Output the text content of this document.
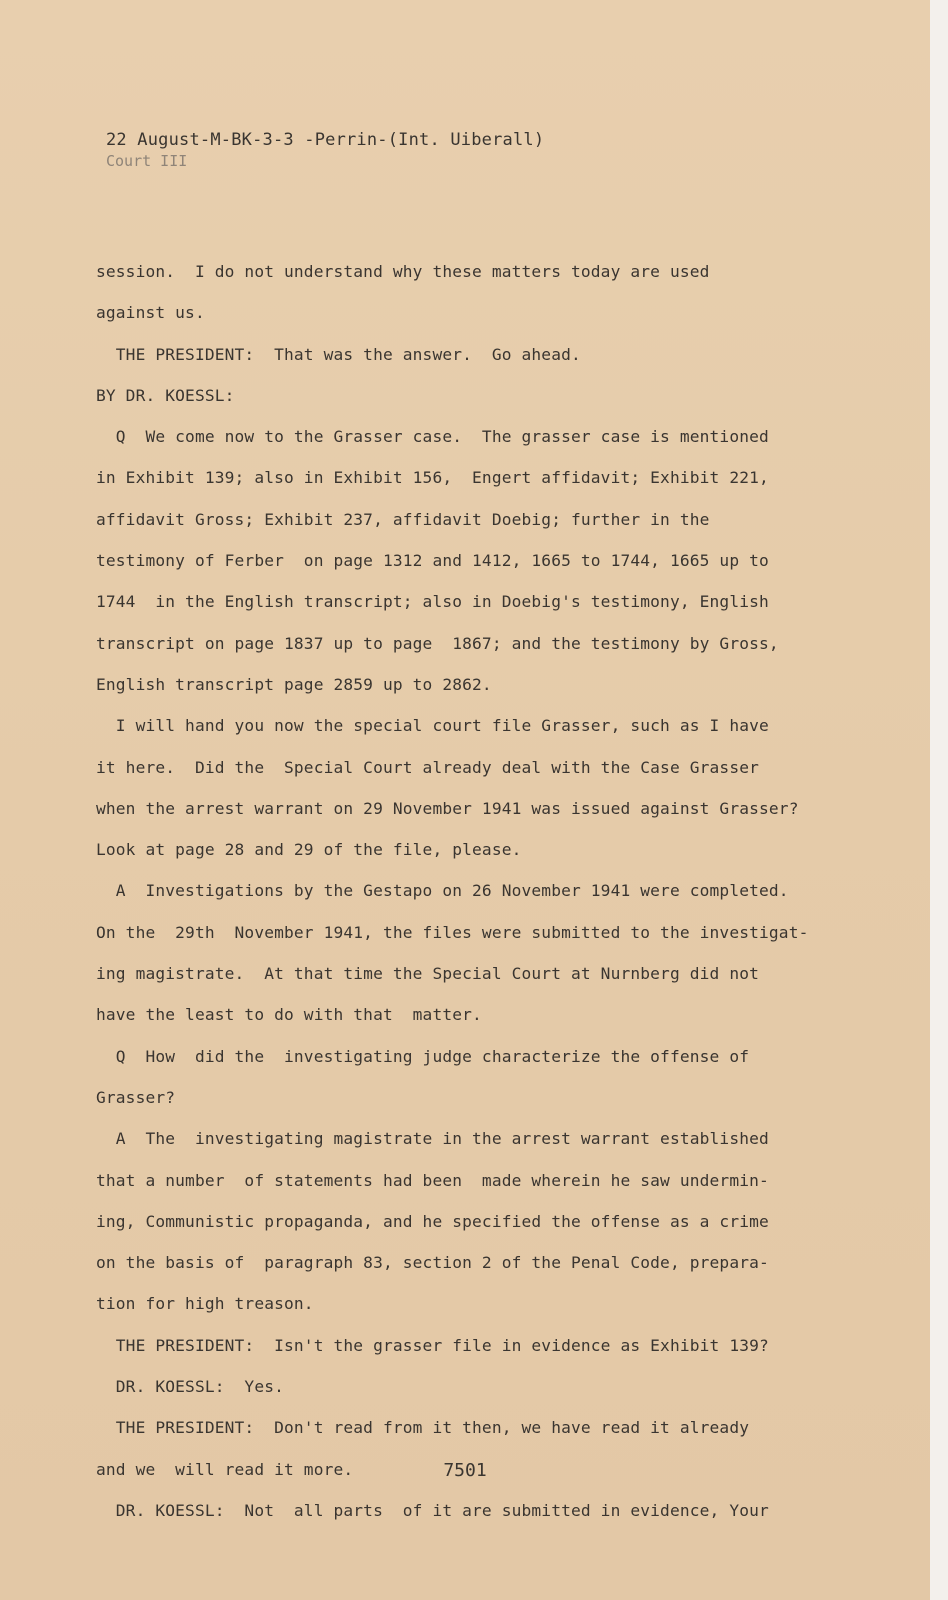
22 August-M-BK-3-3 -Perrin-(Int. Uiberall)
Court III
session.  I do not understand why these matters today are used
against us.
THE PRESIDENT:  That was the answer.  Go ahead.
BY DR. KOESSL:
Q  We come now to the Grasser case.  The grasser case is mentioned
in Exhibit 139; also in Exhibit 156,  Engert affidavit; Exhibit 221,
affidavit Gross; Exhibit 237, affidavit Doebig; further in the
testimony of Ferber  on page 1312 and 1412, 1665 to 1744, 1665 up to
1744  in the English transcript; also in Doebig's testimony, English
transcript on page 1837 up to page  1867; and the testimony by Gross,
English transcript page 2859 up to 2862.
I will hand you now the special court file Grasser, such as I have
it here.  Did the  Special Court already deal with the Case Grasser
when the arrest warrant on 29 November 1941 was issued against Grasser?
Look at page 28 and 29 of the file, please.
A  Investigations by the Gestapo on 26 November 1941 were completed.
On the  29th  November 1941, the files were submitted to the investigat-
ing magistrate.  At that time the Special Court at Nurnberg did not
have the least to do with that  matter.
Q  How  did the  investigating judge characterize the offense of
Grasser?
A  The  investigating magistrate in the arrest warrant established
that a number  of statements had been  made wherein he saw undermin-
ing, Communistic propaganda, and he specified the offense as a crime
on the basis of  paragraph 83, section 2 of the Penal Code, prepara-
tion for high treason.
THE PRESIDENT:  Isn't the grasser file in evidence as Exhibit 139?
DR. KOESSL:  Yes.
THE PRESIDENT:  Don't read from it then, we have read it already
and we  will read it more.
DR. KOESSL:  Not  all parts  of it are submitted in evidence, Your
7501
